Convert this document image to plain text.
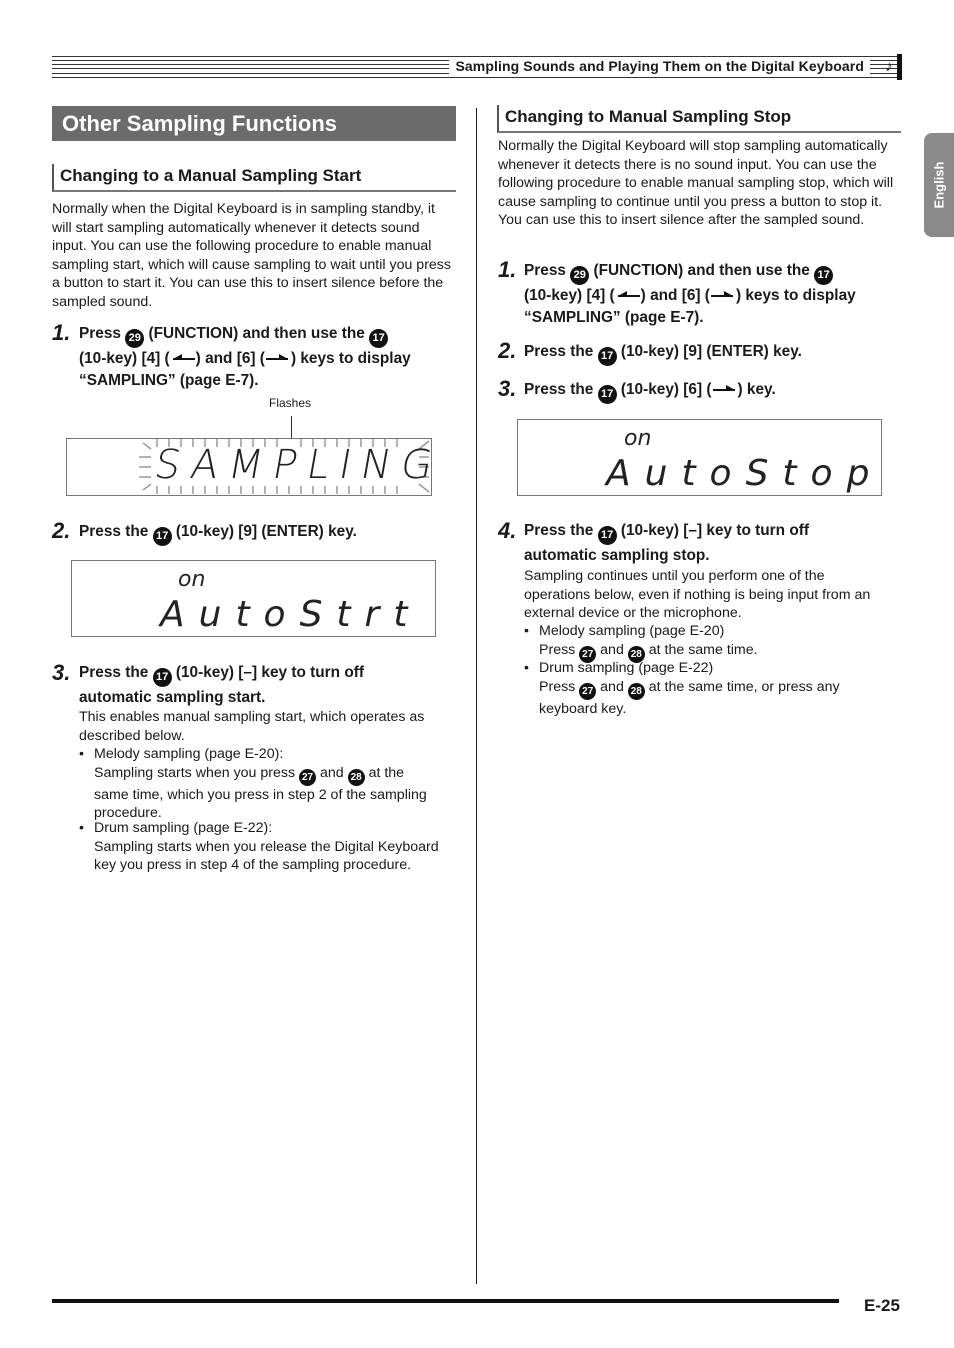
Sampling Sounds and Playing Them on the Digital Keyboard	♪
English
Other Sampling Functions
Changing to a Manual Sampling Start
Normally when the Digital Keyboard is in sampling standby, it will start sampling automatically whenever it detects sound input. You can use the following procedure to enable manual sampling start, which will cause sampling to wait until you press a button to start it. You can use this to insert silence before the sampled sound.
1. Press 29 (FUNCTION) and then use the 17
(10-key) [4] ( ) and [6] ( ) keys to display
“SAMPLING” (page E-7).
Flashes
SAMPLING
2. Press the 17 (10-key) [9] (ENTER) key.
on
AutoStrt
3. Press the 17 (10-key) [–] key to turn off
automatic sampling start.
This enables manual sampling start, which operates as described below.
• Melody sampling (page E-20):
Sampling starts when you press 27 and 28 at the
same time, which you press in step 2 of the sampling
procedure.
• Drum sampling (page E-22):
Sampling starts when you release the Digital Keyboard
key you press in step 4 of the sampling procedure.
Changing to Manual Sampling Stop
Normally the Digital Keyboard will stop sampling automatically whenever it detects there is no sound input. You can use the following procedure to enable manual sampling stop, which will cause sampling to continue until you press a button to stop it. You can use this to insert silence after the sampled sound.
1. Press 29 (FUNCTION) and then use the 17
(10-key) [4] ( ) and [6] ( ) keys to display
“SAMPLING” (page E-7).
2. Press the 17 (10-key) [9] (ENTER) key.
3. Press the 17 (10-key) [6] ( ) key.
on
AutoStop
4. Press the 17 (10-key) [–] key to turn off
automatic sampling stop.
Sampling continues until you perform one of the operations below, even if nothing is being input from an external device or the microphone.
• Melody sampling (page E-20)
Press 27 and 28 at the same time.
• Drum sampling (page E-22)
Press 27 and 28 at the same time, or press any
keyboard key.
E-25
